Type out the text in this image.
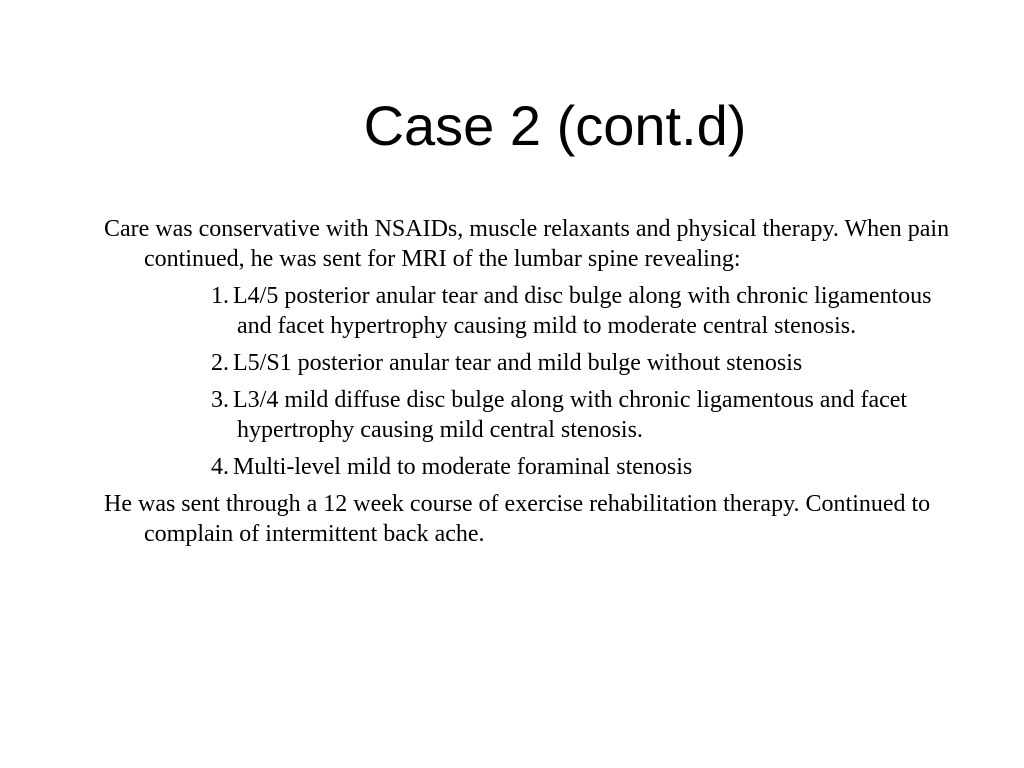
Case 2 (cont.d)

Care was conservative with NSAIDs, muscle relaxants and physical therapy. When pain continued, he was sent for MRI of the lumbar spine revealing:

1. L4/5 posterior anular tear and disc bulge along with chronic ligamentous and facet hypertrophy causing mild to moderate central stenosis.
2. L5/S1 posterior anular tear and mild bulge without stenosis
3. L3/4 mild diffuse disc bulge along with chronic ligamentous and facet hypertrophy causing mild central stenosis.
4. Multi-level mild to moderate foraminal stenosis

He was sent through a 12 week course of exercise rehabilitation therapy. Continued to complain of intermittent back ache.
